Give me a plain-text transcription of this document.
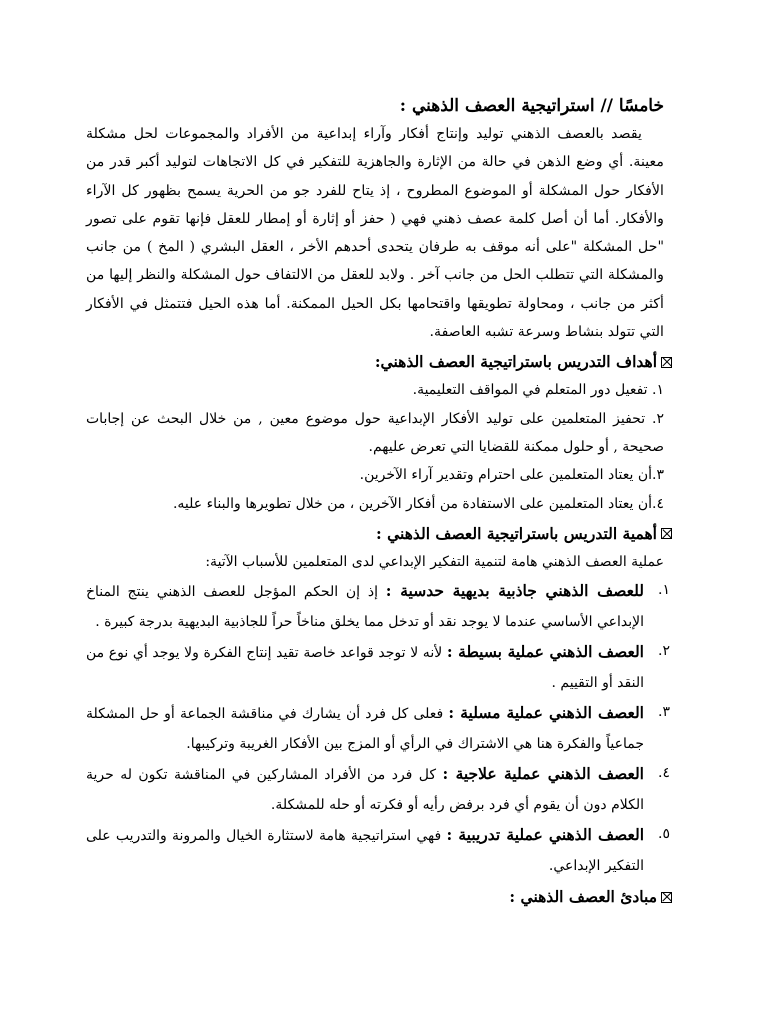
خامسًا // استراتيجية العصف الذهني :

يقصد بالعصف الذهني توليد وإنتاج أفكار وآراء إبداعية من الأفراد والمجموعات لحل مشكلة معينة. أي وضع الذهن في حالة من الإثارة والجاهزية للتفكير في كل الاتجاهات لتوليد أكبر قدر من الأفكار حول المشكلة أو الموضوع المطروح ، إذ يتاح للفرد جو من الحرية يسمح بظهور كل الآراء والأفكار. أما أن أصل كلمة عصف ذهني فهي ( حفز أو إثارة أو إمطار للعقل فإنها تقوم على تصور "حل المشكلة "على أنه موقف به طرفان يتحدى أحدهم الأخر ، العقل البشري ( المخ ) من جانب والمشكلة التي تتطلب الحل من جانب آخر . ولابد للعقل من الالتفاف حول المشكلة والنظر إليها من أكثر من جانب ، ومحاولة تطويقها واقتحامها بكل الحيل الممكنة. أما هذه الحيل فتتمثل في الأفكار التي تتولد بنشاط وسرعة تشبه العاصفة.

أهداف التدريس باستراتيجية العصف الذهني:
١. تفعيل دور المتعلم في المواقف التعليمية.
٢. تحفيز المتعلمين على توليد الأفكار الإبداعية حول موضوع معين , من خلال البحث عن إجابات صحيحة , أو حلول ممكنة للقضايا التي تعرض عليهم.
٣.أن يعتاد المتعلمين على احترام وتقدير آراء الآخرين.
٤.أن يعتاد المتعلمين على الاستفادة من أفكار الآخرين ، من خلال تطويرها والبناء عليه.
أهمية التدريس باستراتيجية العصف الذهني :

عملية العصف الذهني هامة لتنمية التفكير الإبداعي لدى المتعلمين للأسباب الآتية:

١.
للعصف الذهني جاذبية بديهية حدسية : إذ إن الحكم المؤجل للعصف الذهني ينتج المناخ الإبداعي الأساسي عندما لا يوجد نقد أو تدخل مما يخلق مناخاً حراً للجاذبية البديهية بدرجة كبيرة .
٢.
العصف الذهني عملية بسيطة : لأنه لا توجد قواعد خاصة تقيد إنتاج الفكرة ولا يوجد أي نوع من النقد أو التقييم .
٣.
العصف الذهني عملية مسلية : فعلى كل فرد أن يشارك في مناقشة الجماعة أو حل المشكلة جماعياً والفكرة هنا هي الاشتراك في الرأي أو المزج بين الأفكار الغريبة وتركيبها.
٤.
العصف الذهني عملية علاجية : كل فرد من الأفراد المشاركين في المناقشة تكون له حرية الكلام دون أن يقوم أي فرد برفض رأيه أو فكرته أو حله للمشكلة.
٥.
العصف الذهني عملية تدريبية : فهي استراتيجية هامة لاستثارة الخيال والمرونة والتدريب على التفكير الإبداعي.
مبادئ العصف الذهني :
